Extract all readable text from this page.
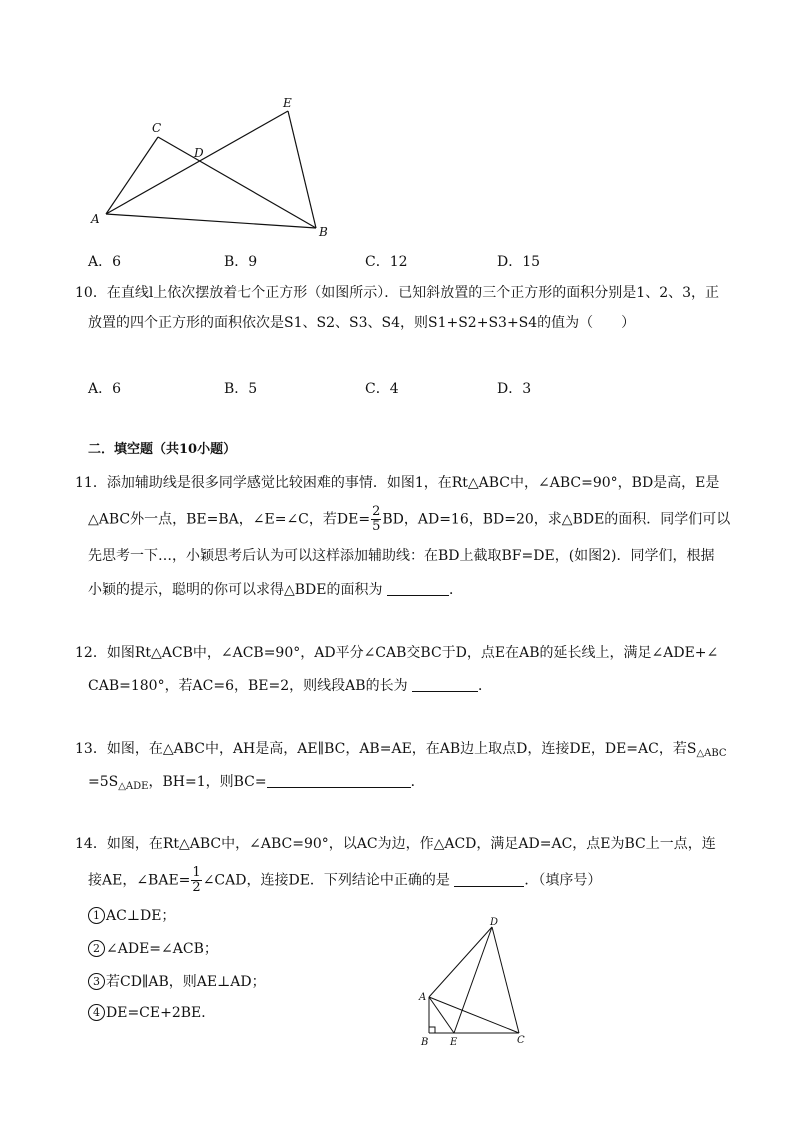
A
B
C
D
E
A．6	B．9	C．12	D．15
10．在直线l上依次摆放着七个正方形（如图所示）．已知斜放置的三个正方形的面积分别是1、2、3，正
放置的四个正方形的面积依次是S1、S2、S3、S4，则S1+S2+S3+S4的值为（　　）
A．6	B．5	C．4	D．3
二．填空题（共10小题）
11．添加辅助线是很多同学感觉比较困难的事情．如图1，在Rt△ABC中，∠ABC=90°，BD是高，E是
△ABC外一点，BE=BA，∠E=∠C，若$DE= \frac{2}{5}$ BD，AD=16，BD=20，求△BDE的面积．同学们可以
先思考一下…，小颖思考后认为可以这样添加辅助线：在BD上截取BF=DE，(如图2)．同学们，根据
小颖的提示，聪明的你可以求得△BDE的面积为	．
12．如图Rt△ACB中，∠ACB=90°，AD平分∠CAB交BC于D，点E在AB的延长线上，满足∠ADE+∠
CAB=180°，若AC=6，BE=2，则线段AB的长为	．
13．如图，在△ABC中，AH是高，AE∥BC，AB=AE，在AB边上取点D，连接DE，DE=AC，若$S_{\triangle ABC}$
$=5S_{\triangle ADE}$，BH=1，则BC=	．
14．如图，在Rt△ABC中，∠ABC=90°，以AC为边，作△ACD，满足AD=AC，点E为BC上一点，连
接AE，∠BAE= $\frac{1}{2}$ ∠CAD，连接DE．下列结论中正确的是	．（填序号）
1 AC⊥DE；
2 ∠ADE=∠ACB；
3 若CD∥AB，则AE⊥AD；
4 DE=CE+2BE．
A
B	C
D
E
